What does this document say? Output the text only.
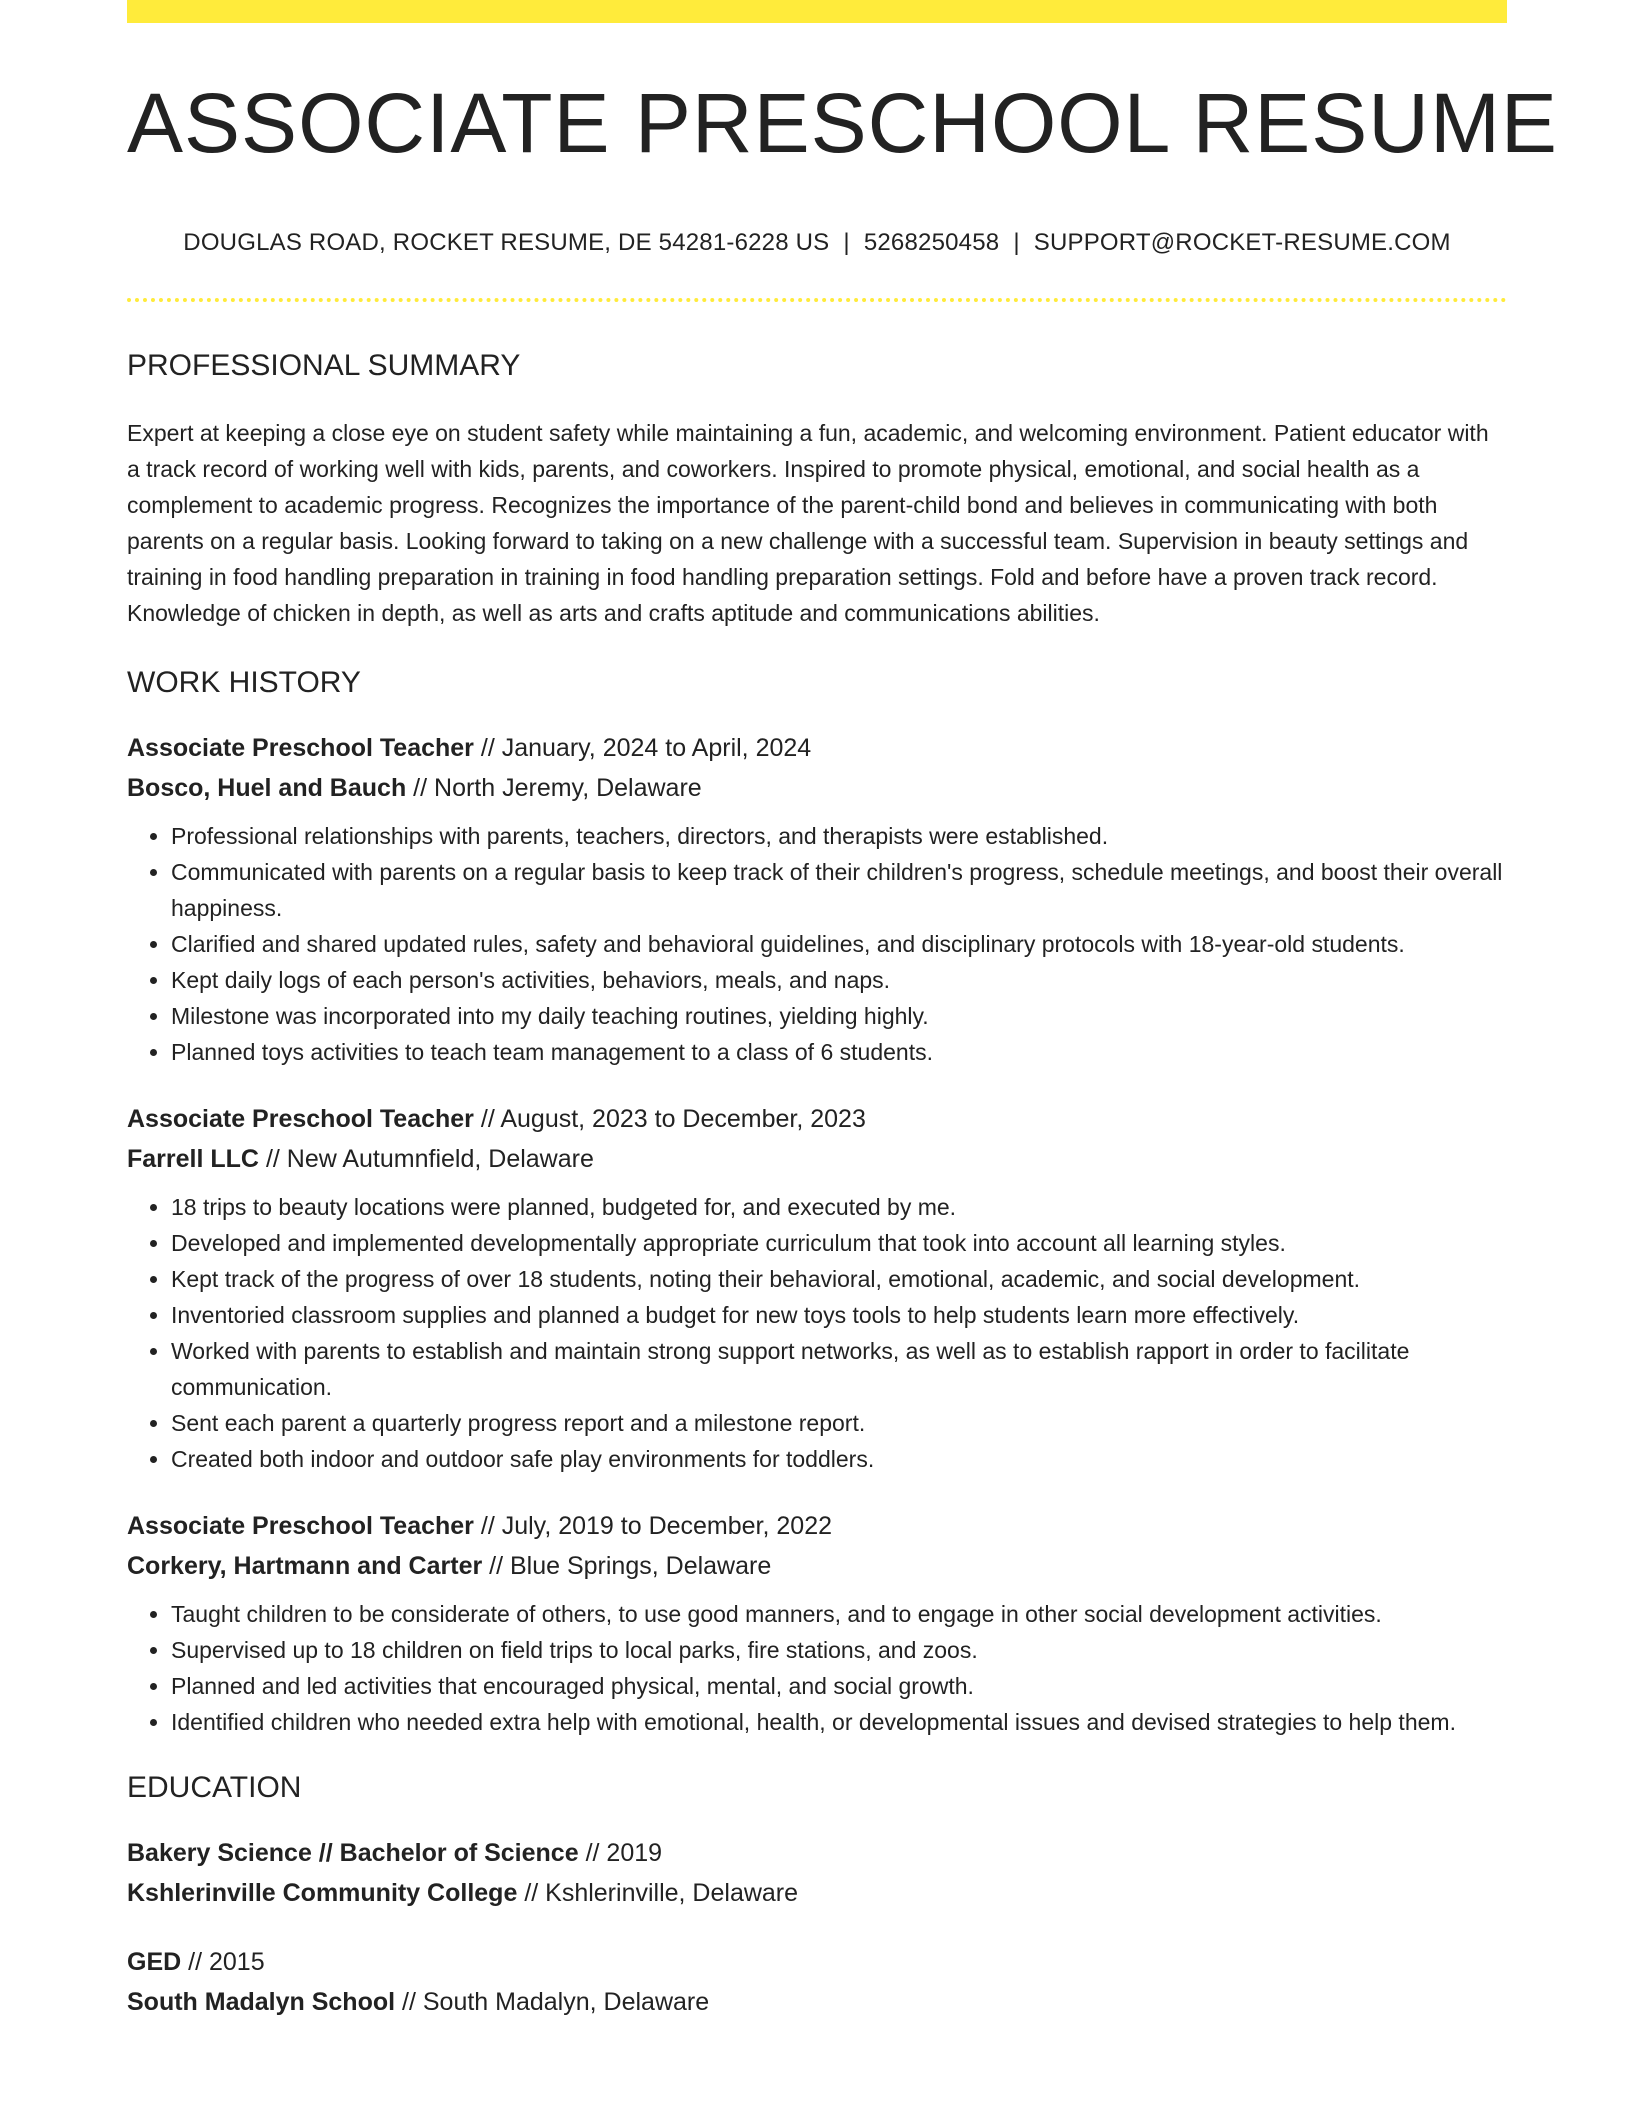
ASSOCIATE PRESCHOOL RESUME
DOUGLAS ROAD, ROCKET RESUME, DE 54281-6228 US | 5268250458 | SUPPORT@ROCKET-RESUME.COM
PROFESSIONAL SUMMARY

Expert at keeping a close eye on student safety while maintaining a fun, academic, and welcoming environment. Patient educator with a track record of working well with kids, parents, and coworkers. Inspired to promote physical, emotional, and social health as a complement to academic progress. Recognizes the importance of the parent-child bond and believes in communicating with both parents on a regular basis. Looking forward to taking on a new challenge with a successful team. Supervision in beauty settings and training in food handling preparation in training in food handling preparation settings. Fold and before have a proven track record. Knowledge of chicken in depth, as well as arts and crafts aptitude and communications abilities.

WORK HISTORY
Associate Preschool Teacher // January, 2024 to April, 2024
Bosco, Huel and Bauch // North Jeremy, Delaware
• Professional relationships with parents, teachers, directors, and therapists were established.
• Communicated with parents on a regular basis to keep track of their children's progress, schedule meetings, and boost their overall happiness.
• Clarified and shared updated rules, safety and behavioral guidelines, and disciplinary protocols with 18-year-old students.
• Kept daily logs of each person's activities, behaviors, meals, and naps.
• Milestone was incorporated into my daily teaching routines, yielding highly.
• Planned toys activities to teach team management to a class of 6 students.
Associate Preschool Teacher // August, 2023 to December, 2023
Farrell LLC // New Autumnfield, Delaware
• 18 trips to beauty locations were planned, budgeted for, and executed by me.
• Developed and implemented developmentally appropriate curriculum that took into account all learning styles.
• Kept track of the progress of over 18 students, noting their behavioral, emotional, academic, and social development.
• Inventoried classroom supplies and planned a budget for new toys tools to help students learn more effectively.
• Worked with parents to establish and maintain strong support networks, as well as to establish rapport in order to facilitate communication.
• Sent each parent a quarterly progress report and a milestone report.
• Created both indoor and outdoor safe play environments for toddlers.
Associate Preschool Teacher // July, 2019 to December, 2022
Corkery, Hartmann and Carter // Blue Springs, Delaware
• Taught children to be considerate of others, to use good manners, and to engage in other social development activities.
• Supervised up to 18 children on field trips to local parks, fire stations, and zoos.
• Planned and led activities that encouraged physical, mental, and social growth.
• Identified children who needed extra help with emotional, health, or developmental issues and devised strategies to help them.
EDUCATION
Bakery Science // Bachelor of Science // 2019
Kshlerinville Community College // Kshlerinville, Delaware
GED // 2015
South Madalyn School // South Madalyn, Delaware
